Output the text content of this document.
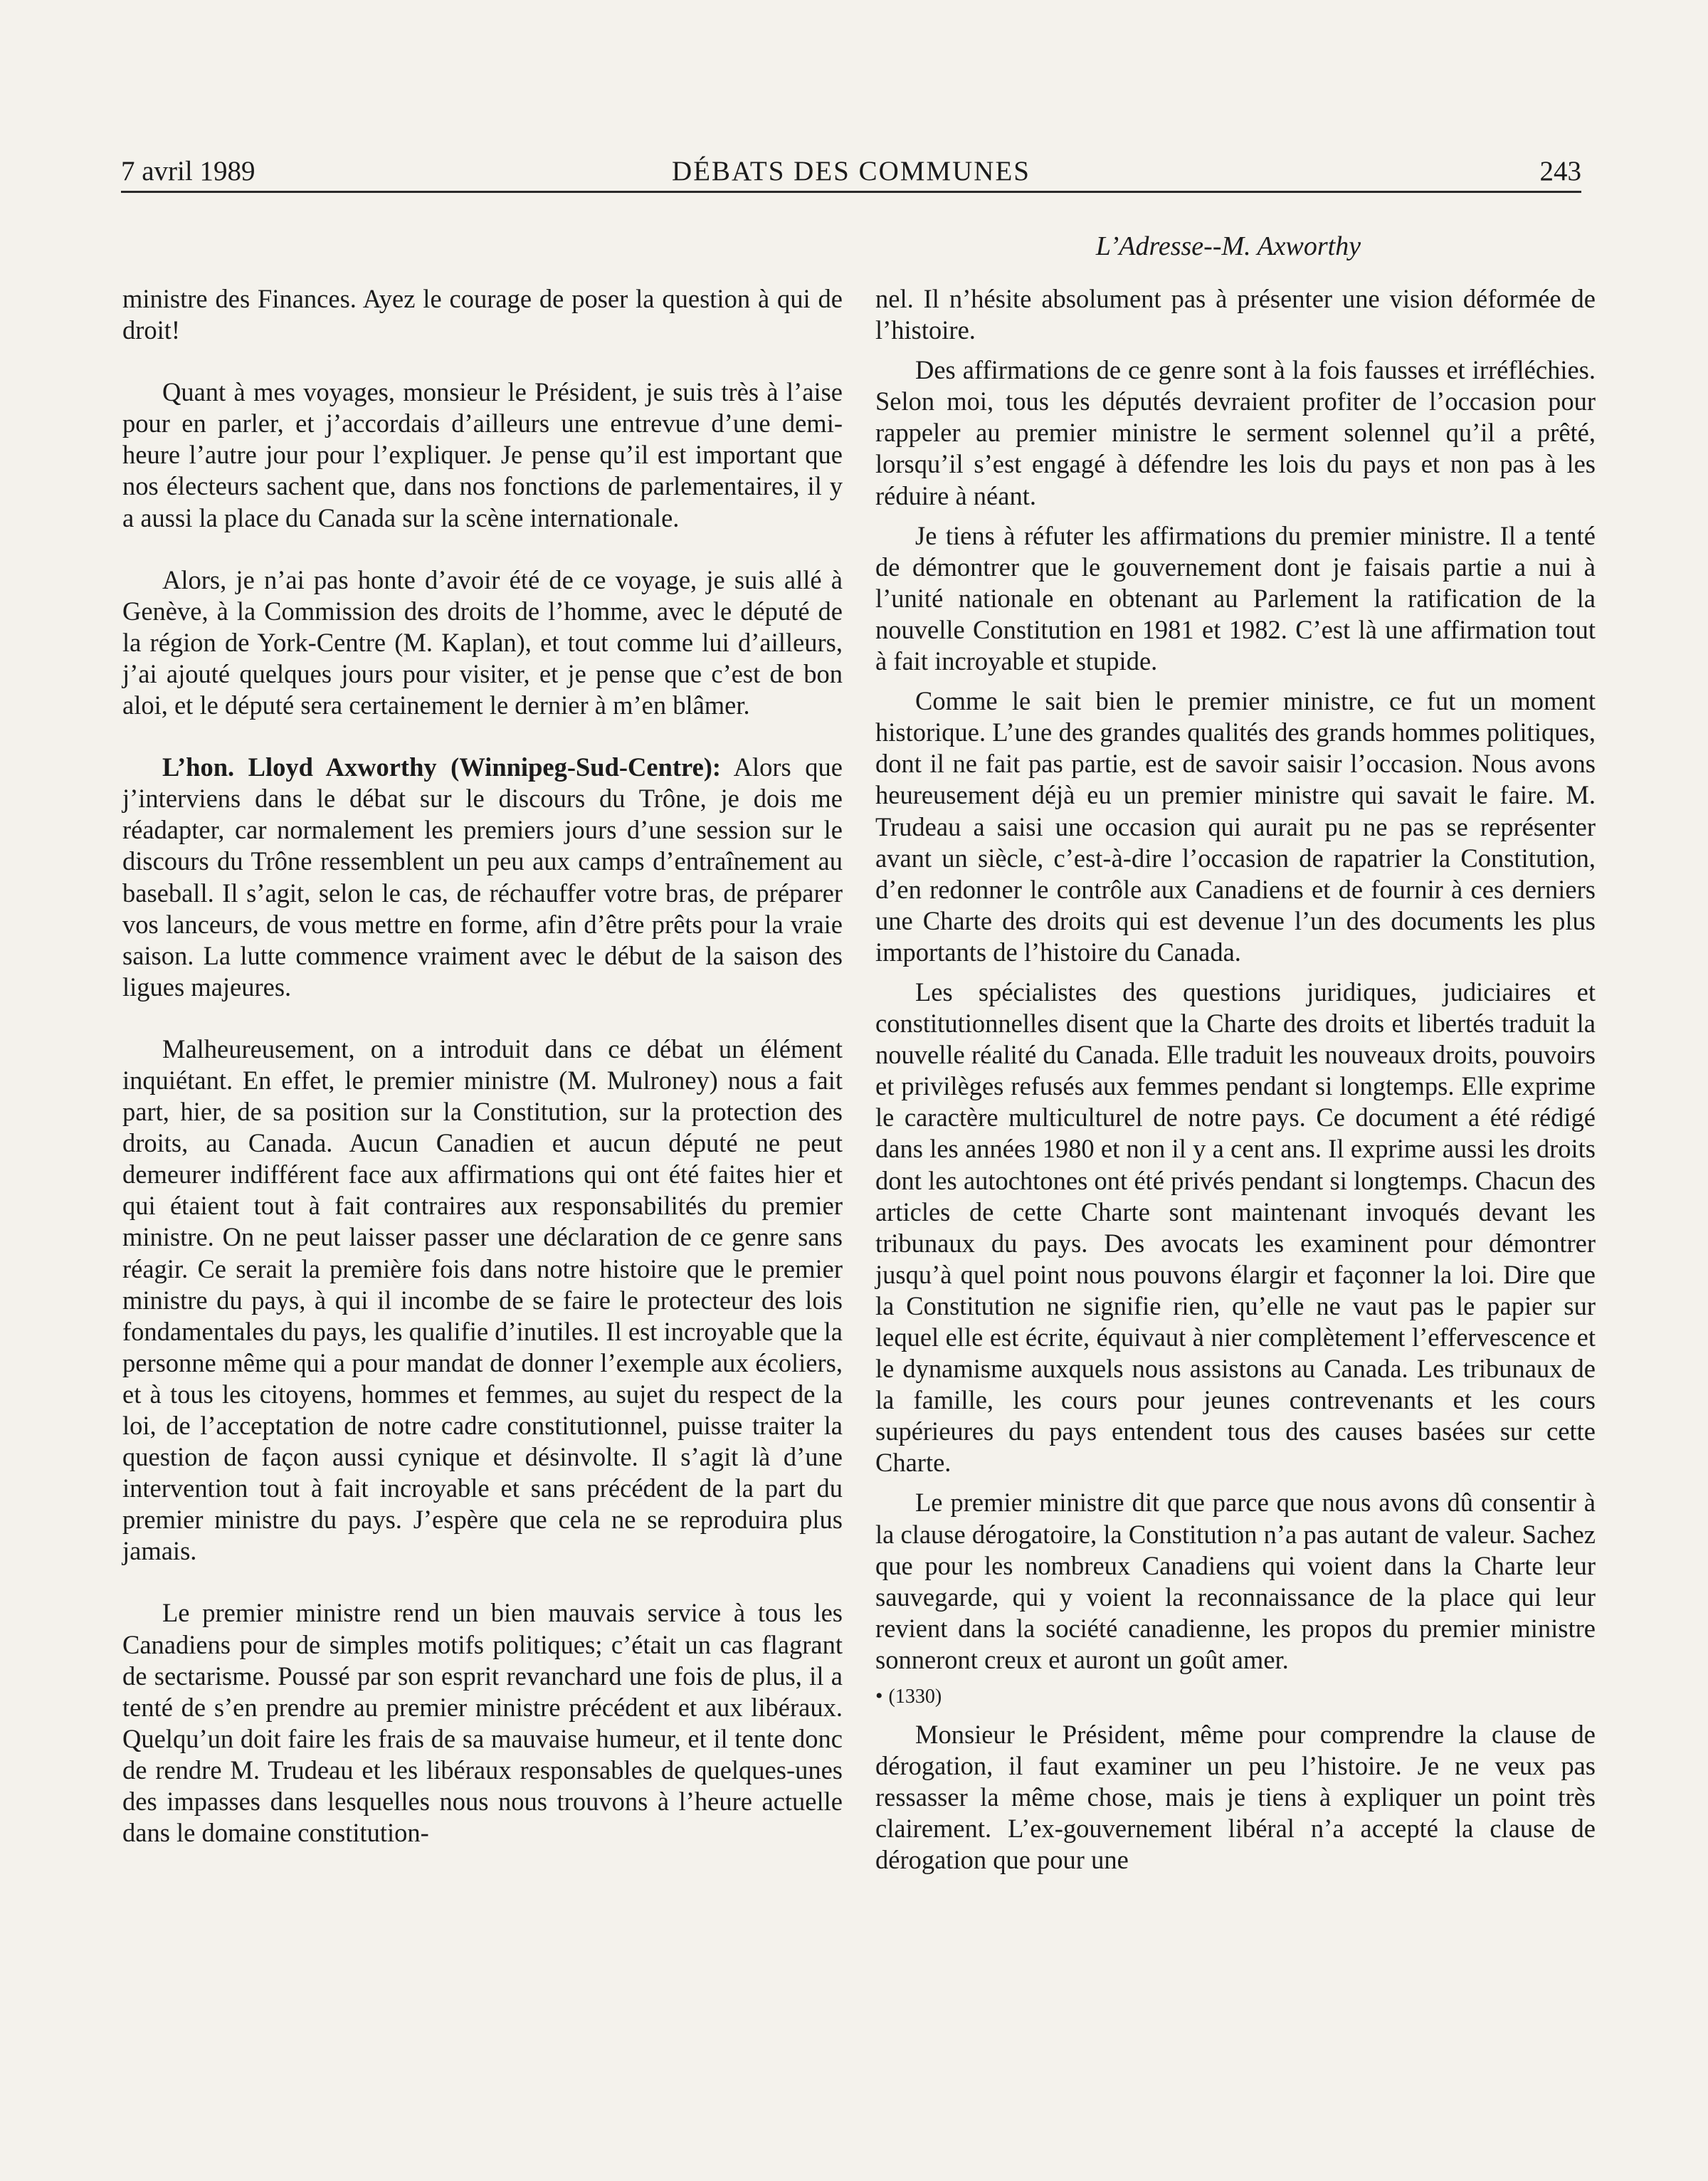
7 avril 1989	DÉBATS DES COMMUNES	243
L’Adresse--M. Axworthy

ministre des Finances. Ayez le courage de poser la question à qui de droit!

Quant à mes voyages, monsieur le Président, je suis très à l’aise pour en parler, et j’accordais d’ailleurs une entrevue d’une demi-heure l’autre jour pour l’expliquer. Je pense qu’il est important que nos électeurs sachent que, dans nos fonctions de parlementaires, il y a aussi la place du Canada sur la scène internationale.

Alors, je n’ai pas honte d’avoir été de ce voyage, je suis allé à Genève, à la Commission des droits de l’homme, avec le député de la région de York-Centre (M. Kaplan), et tout comme lui d’ailleurs, j’ai ajouté quelques jours pour visiter, et je pense que c’est de bon aloi, et le député sera certainement le dernier à m’en blâmer.

L’hon. Lloyd Axworthy (Winnipeg-Sud-Centre): Alors que j’interviens dans le débat sur le discours du Trône, je dois me réadapter, car normalement les premiers jours d’une session sur le discours du Trône ressemblent un peu aux camps d’entraînement au baseball. Il s’agit, selon le cas, de réchauffer votre bras, de préparer vos lanceurs, de vous mettre en forme, afin d’être prêts pour la vraie saison. La lutte commence vraiment avec le début de la saison des ligues majeures.

Malheureusement, on a introduit dans ce débat un élément inquiétant. En effet, le premier ministre (M. Mulroney) nous a fait part, hier, de sa position sur la Constitution, sur la protection des droits, au Canada. Aucun Canadien et aucun député ne peut demeurer indifférent face aux affirmations qui ont été faites hier et qui étaient tout à fait contraires aux responsabilités du premier ministre. On ne peut laisser passer une déclaration de ce genre sans réagir. Ce serait la première fois dans notre histoire que le premier ministre du pays, à qui il incombe de se faire le protecteur des lois fondamentales du pays, les qualifie d’inutiles. Il est incroyable que la personne même qui a pour mandat de donner l’exemple aux écoliers, et à tous les citoyens, hommes et femmes, au sujet du respect de la loi, de l’acceptation de notre cadre constitutionnel, puisse traiter la question de façon aussi cynique et désinvolte. Il s’agit là d’une intervention tout à fait incroyable et sans précédent de la part du premier ministre du pays. J’espère que cela ne se reproduira plus jamais.

Le premier ministre rend un bien mauvais service à tous les Canadiens pour de simples motifs politiques; c’était un cas flagrant de sectarisme. Poussé par son esprit revanchard une fois de plus, il a tenté de s’en prendre au premier ministre précédent et aux libéraux. Quelqu’un doit faire les frais de sa mauvaise humeur, et il tente donc de rendre M. Trudeau et les libéraux responsables de quelques-unes des impasses dans lesquelles nous nous trouvons à l’heure actuelle dans le domaine constitution-

nel. Il n’hésite absolument pas à présenter une vision déformée de l’histoire.

Des affirmations de ce genre sont à la fois fausses et irréfléchies. Selon moi, tous les députés devraient profiter de l’occasion pour rappeler au premier ministre le serment solennel qu’il a prêté, lorsqu’il s’est engagé à défendre les lois du pays et non pas à les réduire à néant.

Je tiens à réfuter les affirmations du premier ministre. Il a tenté de démontrer que le gouvernement dont je faisais partie a nui à l’unité nationale en obtenant au Parlement la ratification de la nouvelle Constitution en 1981 et 1982. C’est là une affirmation tout à fait incroyable et stupide.

Comme le sait bien le premier ministre, ce fut un moment historique. L’une des grandes qualités des grands hommes politiques, dont il ne fait pas partie, est de savoir saisir l’occasion. Nous avons heureusement déjà eu un premier ministre qui savait le faire. M. Trudeau a saisi une occasion qui aurait pu ne pas se représenter avant un siècle, c’est-à-dire l’occasion de rapatrier la Constitution, d’en redonner le contrôle aux Canadiens et de fournir à ces derniers une Charte des droits qui est devenue l’un des documents les plus importants de l’histoire du Canada.

Les spécialistes des questions juridiques, judiciaires et constitutionnelles disent que la Charte des droits et libertés traduit la nouvelle réalité du Canada. Elle traduit les nouveaux droits, pouvoirs et privilèges refusés aux femmes pendant si longtemps. Elle exprime le caractère multiculturel de notre pays. Ce document a été rédigé dans les années 1980 et non il y a cent ans. Il exprime aussi les droits dont les autochtones ont été privés pendant si longtemps. Chacun des articles de cette Charte sont maintenant invoqués devant les tribunaux du pays. Des avocats les examinent pour démontrer jusqu’à quel point nous pouvons élargir et façonner la loi. Dire que la Constitution ne signifie rien, qu’elle ne vaut pas le papier sur lequel elle est écrite, équivaut à nier complètement l’effervescence et le dynamisme auxquels nous assistons au Canada. Les tribunaux de la famille, les cours pour jeunes contrevenants et les cours supérieures du pays entendent tous des causes basées sur cette Charte.

Le premier ministre dit que parce que nous avons dû consentir à la clause dérogatoire, la Constitution n’a pas autant de valeur. Sachez que pour les nombreux Canadiens qui voient dans la Charte leur sauvegarde, qui y voient la reconnaissance de la place qui leur revient dans la société canadienne, les propos du premier ministre sonneront creux et auront un goût amer.

• (1330)

Monsieur le Président, même pour comprendre la clause de dérogation, il faut examiner un peu l’histoire. Je ne veux pas ressasser la même chose, mais je tiens à expliquer un point très clairement. L’ex-gouvernement libéral n’a accepté la clause de dérogation que pour une
